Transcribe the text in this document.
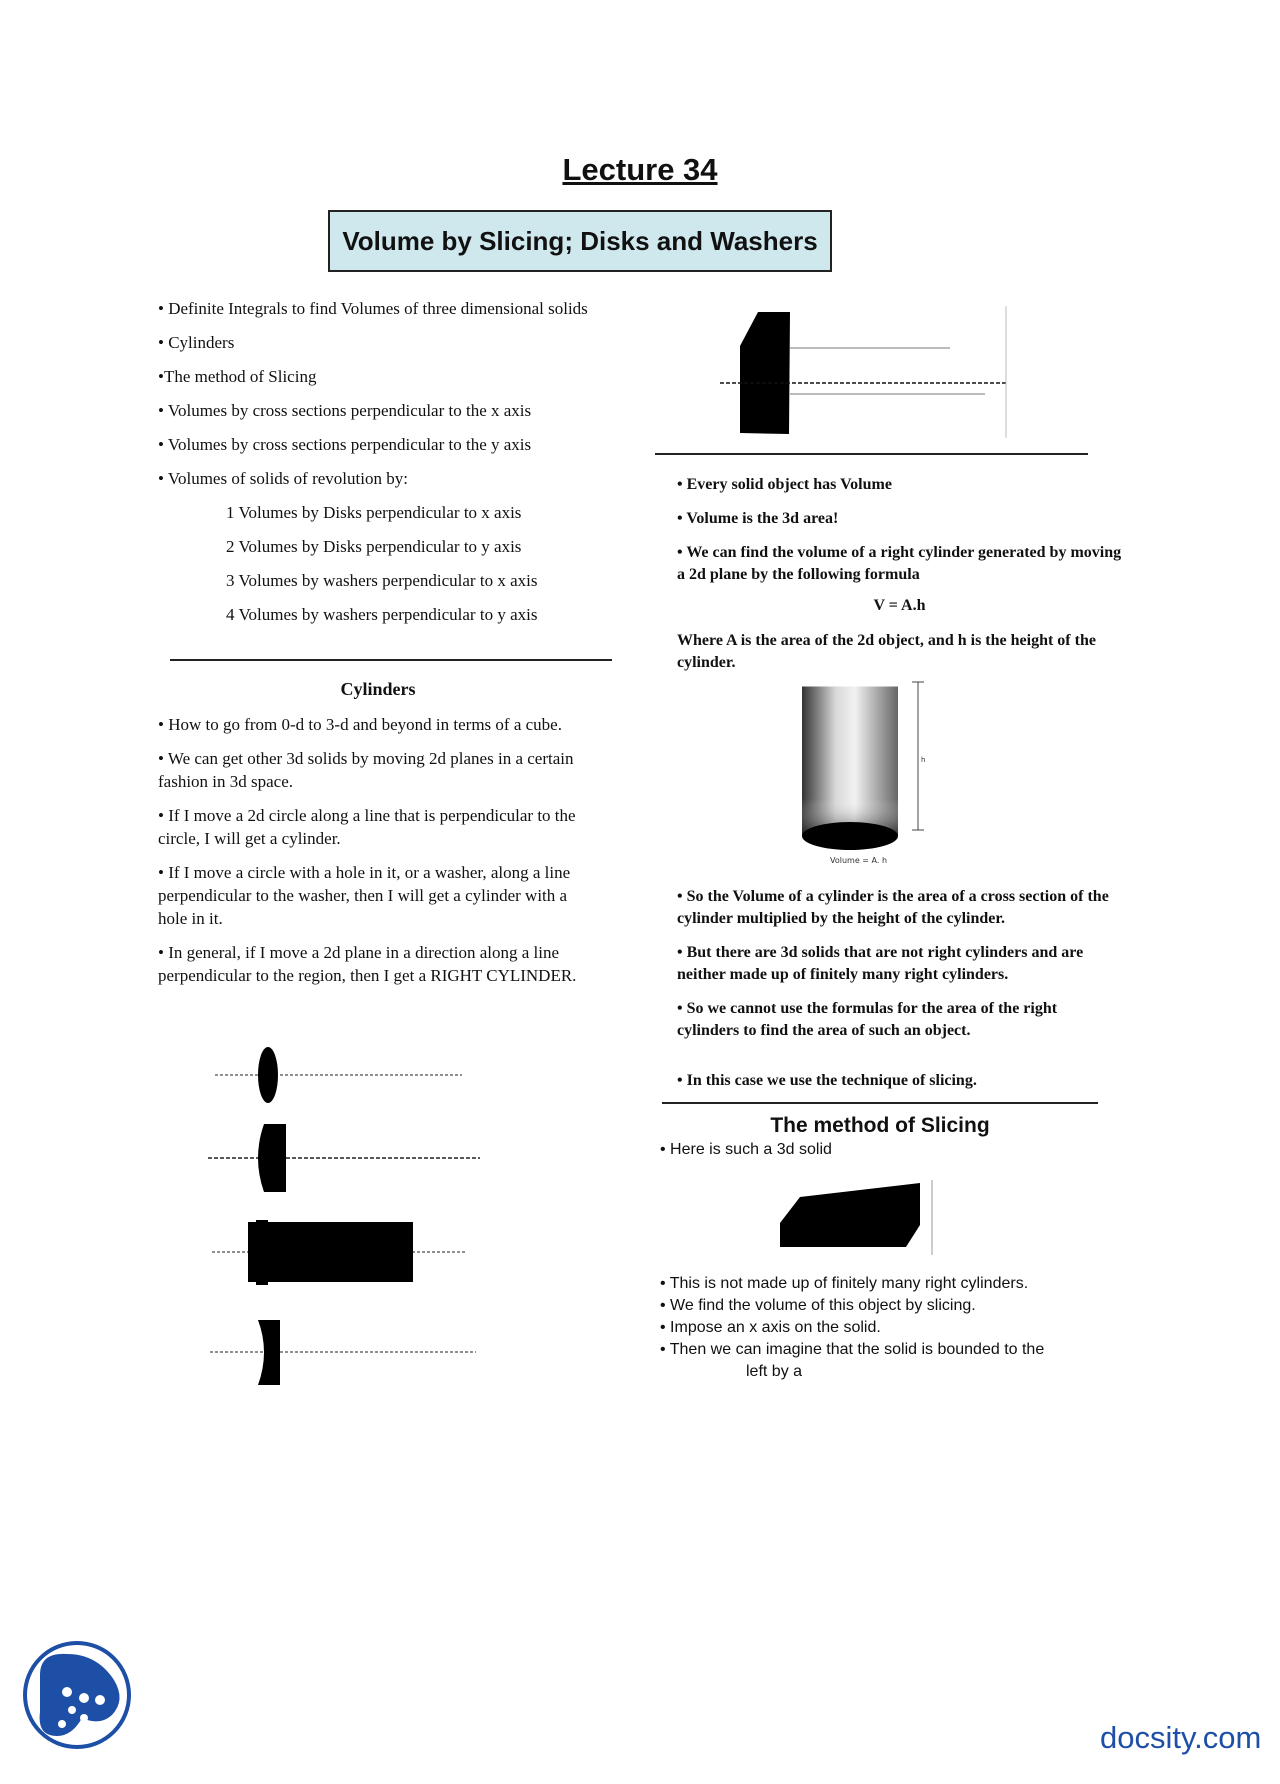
Lecture 34
Volume by Slicing; Disks and Washers

• Definite Integrals to find Volumes of three dimensional solids

• Cylinders

•The method of Slicing

• Volumes by cross sections perpendicular to the x axis

• Volumes by cross sections perpendicular to the y axis

• Volumes of solids of revolution by:

1 Volumes by Disks perpendicular to x axis

2 Volumes by Disks perpendicular to y axis

3 Volumes by washers perpendicular to x axis

4 Volumes by washers perpendicular to y axis

Cylinders

• How to go from 0-d to 3-d and beyond in terms of a cube.

• We can get other 3d solids by moving 2d planes in a certain fashion in 3d space.

• If I move a 2d circle along a line that is perpendicular to the circle, I will get a cylinder.

• If I move a circle with a hole in it, or a washer, along a line perpendicular to the washer, then I will get a cylinder with a hole in it.

• In general, if I move a 2d plane in a direction along a line perpendicular to the region, then I get a RIGHT CYLINDER.

• Every solid object has Volume

• Volume is the 3d area!

• We can find the volume of a right cylinder generated by moving a 2d plane by the following formula

V = A.h
Where A is the area of the 2d object, and h is the height of the cylinder.
h
Volume = A. h

• So the Volume of a cylinder is the area of a cross section of the cylinder multiplied by the height of the cylinder.

• But there are 3d solids that are not right cylinders and are neither made up of finitely many right cylinders.

• So we cannot use the formulas for the area of the right cylinders to find the area of such an object.

• In this case we use the technique of slicing.

The method of Slicing
• Here is such a 3d solid
• This is not made up of finitely many right cylinders.
• We find the volume of this object by slicing.
• Impose an x axis on the solid.
• Then we can imagine that the solid is bounded to the
left by a
docsity.com
